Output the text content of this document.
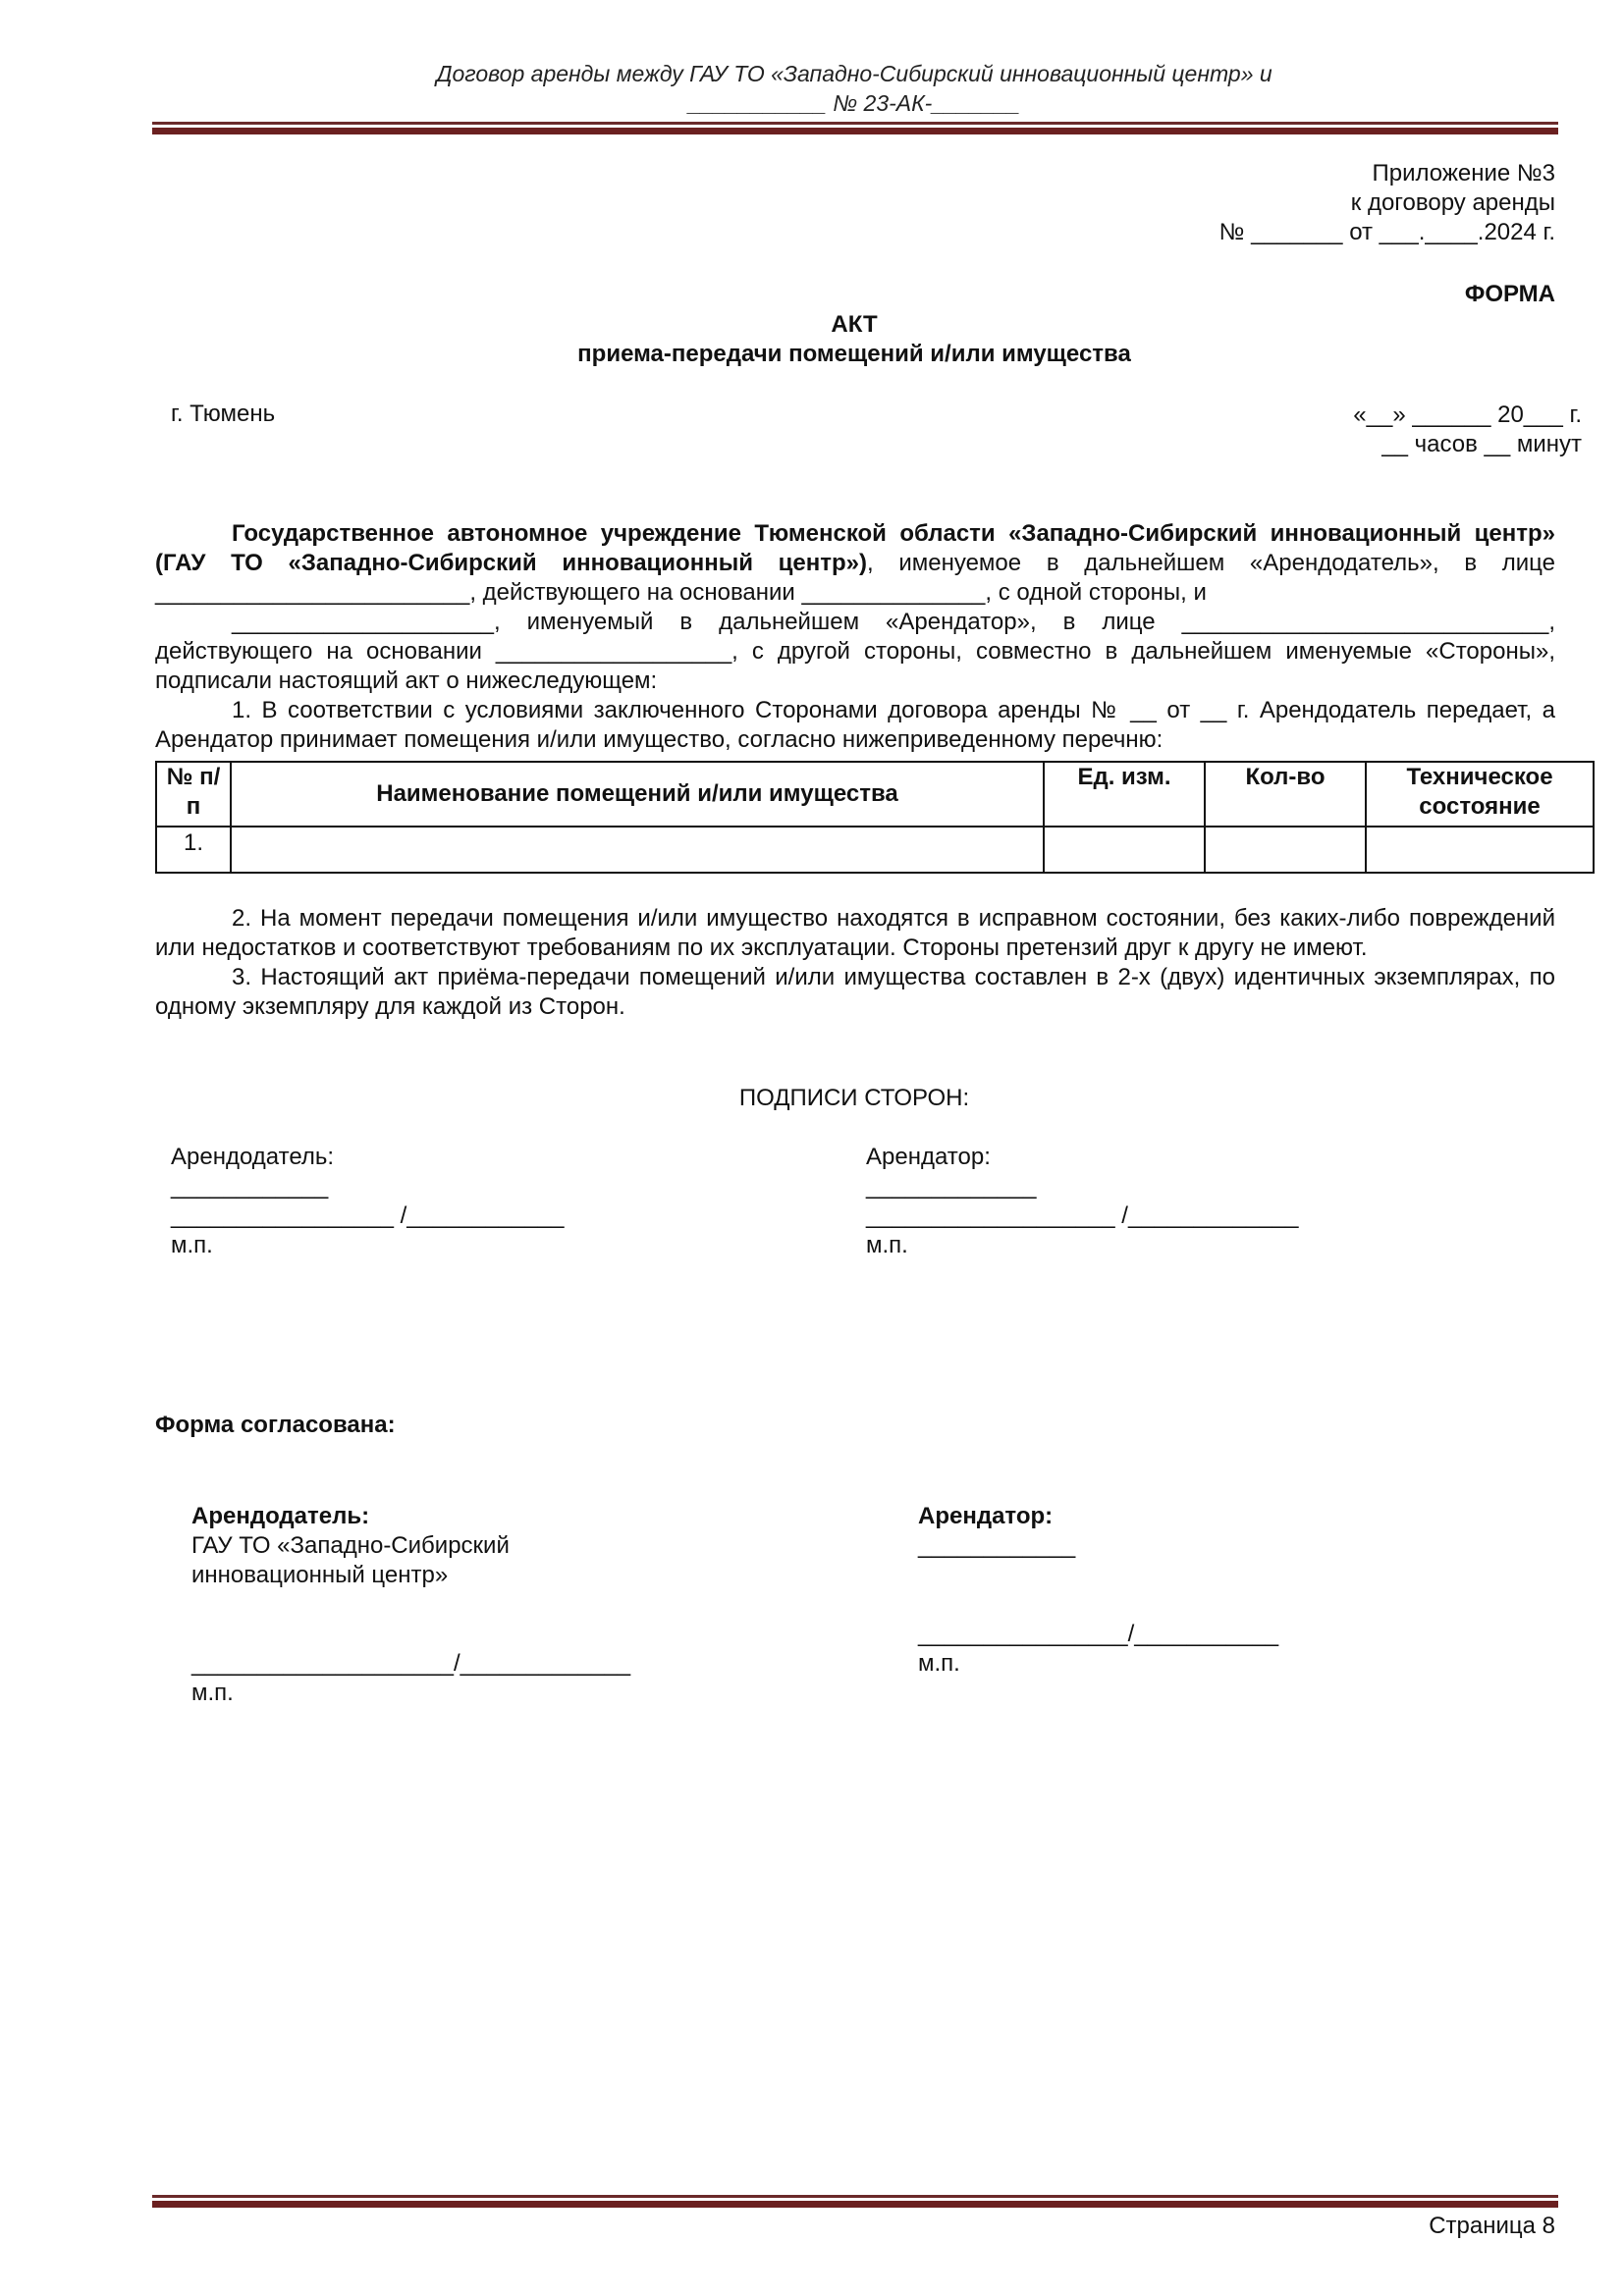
Договор аренды между ГАУ ТО «Западно-Сибирский инновационный центр» и
___________ № 23-АК-_______
Приложение №3
к договору аренды
№ _______ от ___.____.2024 г.
ФОРМА
АКТ
приема-передачи помещений и/или имущества
г. Тюмень	«__» ______ 20___ г.
__ часов __ минут

Государственное автономное учреждение Тюменской области «Западно-Сибирский инновационный центр» (ГАУ ТО «Западно-Сибирский инновационный центр»), именуемое в дальнейшем «Арендодатель», в лице ________________________, действующего на основании ______________, с одной стороны, и

____________________, именуемый в дальнейшем «Арендатор», в лице ____________________________, действующего на основании __________________, с другой стороны, совместно в дальнейшем именуемые «Стороны», подписали настоящий акт о нижеследующем:

1. В соответствии с условиями заключенного Сторонами договора аренды № __ от __ г. Арендодатель передает, а Арендатор принимает помещения и/или имущество, согласно нижеприведенному перечню:

№ п/п	Наименование помещений и/или имущества	Ед. изм.	Кол-во	Техническое состояние
1.				

2. На момент передачи помещения и/или имущество находятся в исправном состоянии, без каких-либо повреждений или недостатков и соответствуют требованиям по их эксплуатации. Стороны претензий друг к другу не имеют.

3. Настоящий акт приёма-передачи помещений и/или имущества составлен в 2-х (двух) идентичных экземплярах, по одному экземпляру для каждой из Сторон.

ПОДПИСИ СТОРОН:
Арендодатель:
____________
_________________ /____________
м.п.
Арендатор:
_____________
___________________ /_____________
м.п.
Форма согласована:
Арендодатель:
ГАУ ТО «Западно-Сибирский
инновационный центр»
____________________/_____________
м.п.
Арендатор:
____________
________________/___________
м.п.
Страница 8
